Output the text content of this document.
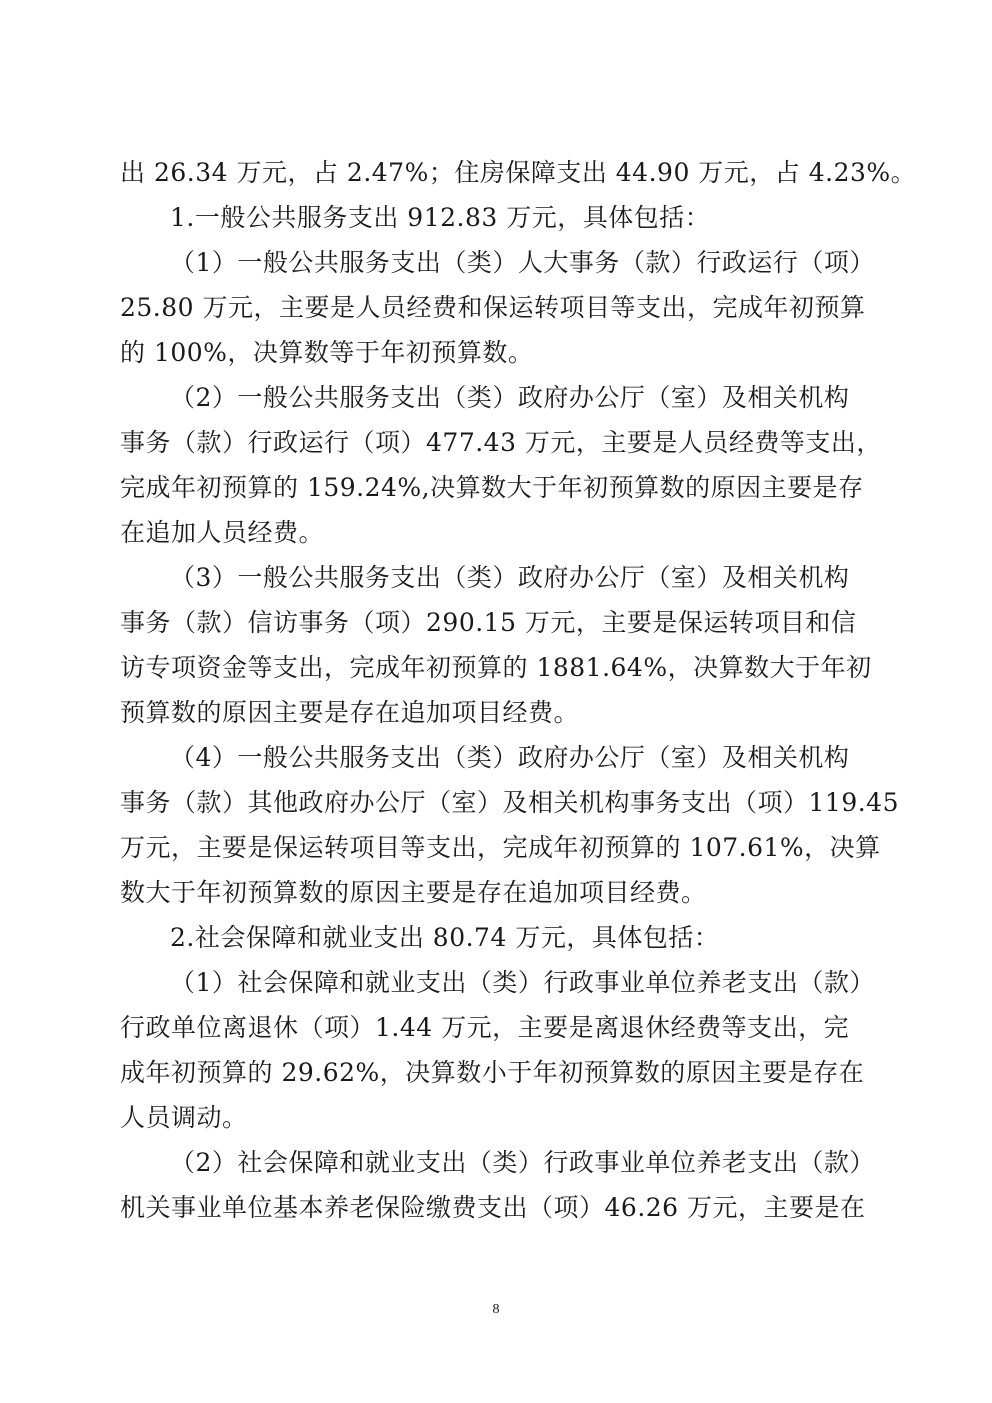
出 26.34 万元，占 2.47%；住房保障支出 44.90 万元，占 4.23%。
1.一般公共服务支出 912.83 万元，具体包括：
（1）一般公共服务支出（类）人大事务（款）行政运行（项）
25.80 万元，主要是人员经费和保运转项目等支出，完成年初预算
的 100%，决算数等于年初预算数。
（2）一般公共服务支出（类）政府办公厅（室）及相关机构
事务（款）行政运行（项）477.43 万元，主要是人员经费等支出，
完成年初预算的 159.24%,决算数大于年初预算数的原因主要是存
在追加人员经费。
（3）一般公共服务支出（类）政府办公厅（室）及相关机构
事务（款）信访事务（项）290.15 万元，主要是保运转项目和信
访专项资金等支出，完成年初预算的 1881.64%，决算数大于年初
预算数的原因主要是存在追加项目经费。
（4）一般公共服务支出（类）政府办公厅（室）及相关机构
事务（款）其他政府办公厅（室）及相关机构事务支出（项）119.45
万元，主要是保运转项目等支出，完成年初预算的 107.61%，决算
数大于年初预算数的原因主要是存在追加项目经费。
2.社会保障和就业支出 80.74 万元，具体包括：
（1）社会保障和就业支出（类）行政事业单位养老支出（款）
行政单位离退休（项）1.44 万元，主要是离退休经费等支出，完
成年初预算的 29.62%，决算数小于年初预算数的原因主要是存在
人员调动。
（2）社会保障和就业支出（类）行政事业单位养老支出（款）
机关事业单位基本养老保险缴费支出（项）46.26 万元，主要是在
8
